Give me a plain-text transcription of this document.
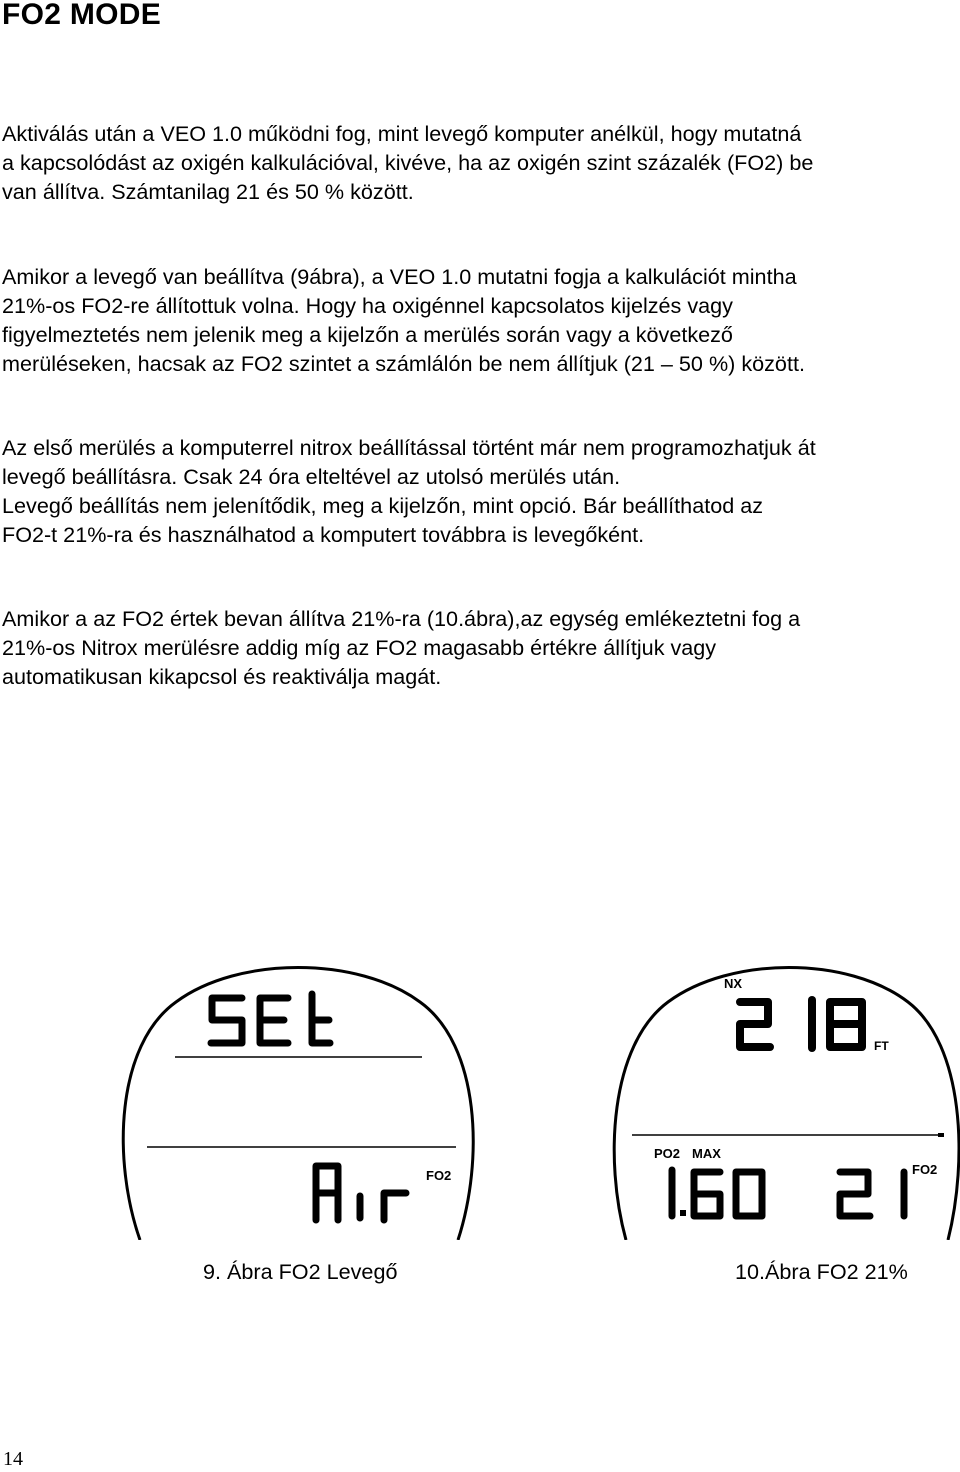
FO2 MODE
Aktiválás után a VEO 1.0 működni fog, mint levegő komputer anélkül, hogy mutatná
a kapcsolódást az oxigén kalkulációval, kivéve, ha az oxigén szint százalék (FO2) be
van állítva. Számtanilag 21 és 50 % között.
Amikor a levegő van beállítva (9ábra), a VEO 1.0 mutatni fogja a kalkulációt mintha
21%-os FO2-re állítottuk volna. Hogy ha oxigénnel kapcsolatos kijelzés vagy
figyelmeztetés nem jelenik meg a kijelzőn a merülés során vagy a következő
merüléseken, hacsak az FO2 szintet a számlálón be nem állítjuk (21 – 50 %) között.
Az első merülés a komputerrel nitrox beállítással történt már nem programozhatjuk át
levegő beállításra. Csak 24 óra elteltével az utolsó merülés után.
Levegő beállítás nem jelenítődik, meg a kijelzőn, mint opció. Bár beállíthatod az
FO2-t 21%-ra és használhatod a komputert továbbra is levegőként.
Amikor a az FO2 értek bevan állítva 21%-ra (10.ábra),az egység emlékeztetni fog a
21%-os Nitrox merülésre addig míg az FO2 magasabb értékre állítjuk vagy
automatikusan kikapcsol és reaktiválja magát.
SEt
Air
FO2
NX
218	FT
PO2 MAX
1.60	21
FO2
9. Ábra FO2 Levegő	10.Ábra FO2 21%
14
